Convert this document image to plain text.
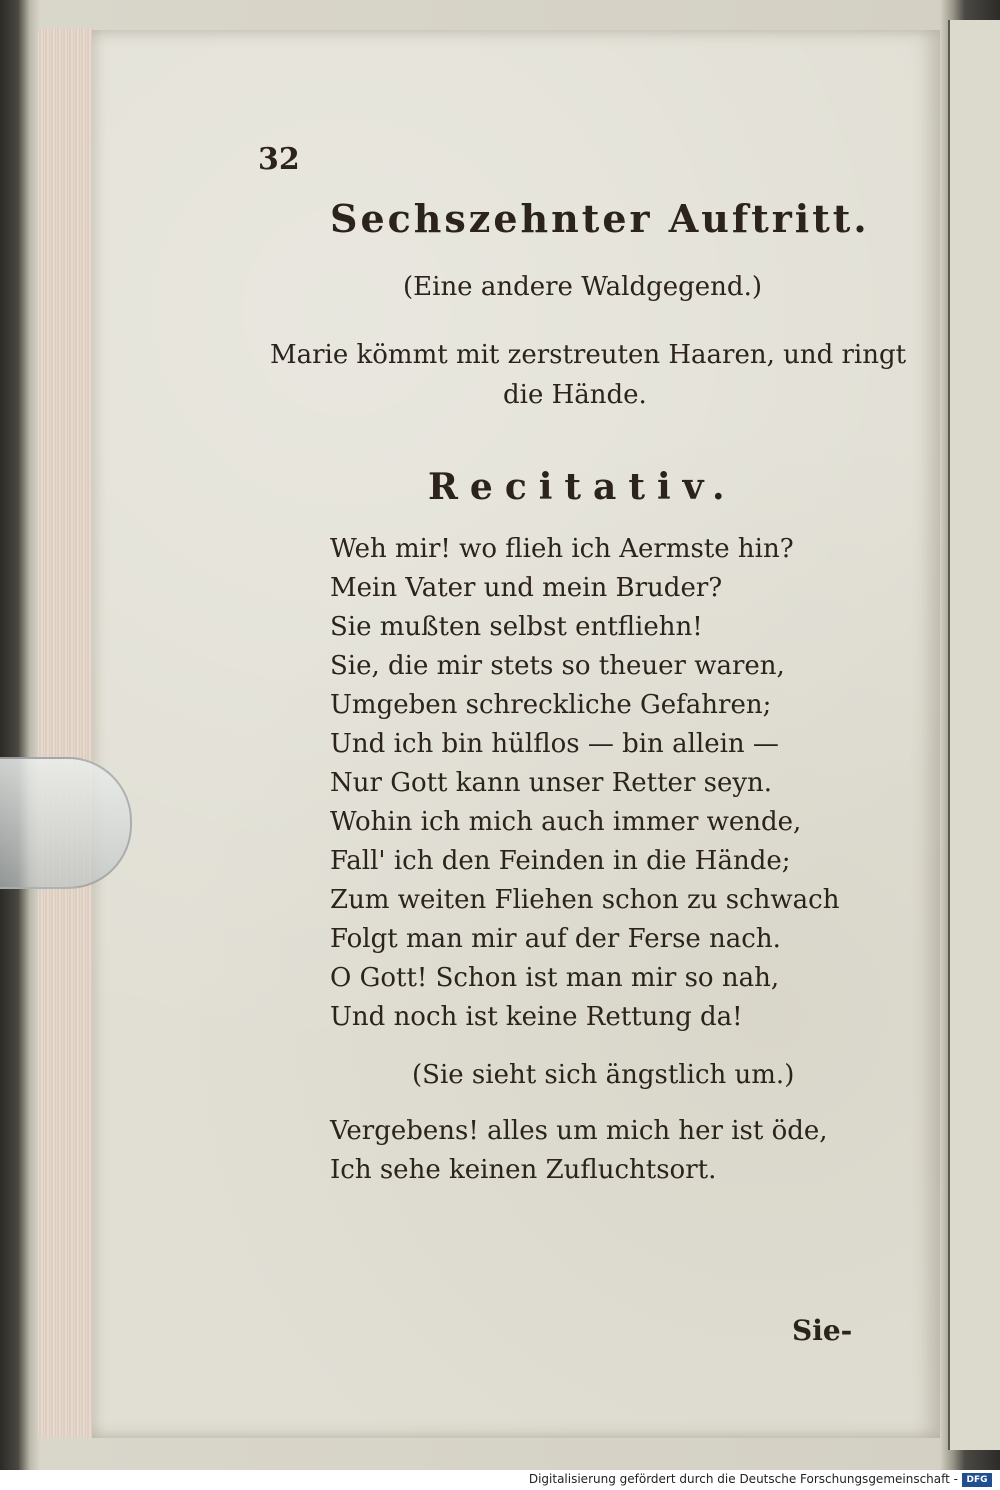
32
Sechszehnter Auftritt.
(Eine andere Waldgegend.)
Marie kömmt mit zerstreuten Haaren, und ringt
die Hände.
Recitativ.
Weh mir! wo flieh ich Aermste hin?
Mein Vater und mein Bruder?
Sie mußten selbst entfliehn!
Sie, die mir stets so theuer waren,
Umgeben schreckliche Gefahren;
Und ich bin hülflos — bin allein —
Nur Gott kann unser Retter seyn.
Wohin ich mich auch immer wende,
Fall' ich den Feinden in die Hände;
Zum weiten Fliehen schon zu schwach
Folgt man mir auf der Ferse nach.
O Gott! Schon ist man mir so nah,
Und noch ist keine Rettung da!
(Sie sieht sich ängstlich um.)
Vergebens! alles um mich her ist öde,
Ich sehe keinen Zufluchtsort.
Sie-
Digitalisierung gefördert durch die Deutsche Forschungsgemeinschaft - DFG
